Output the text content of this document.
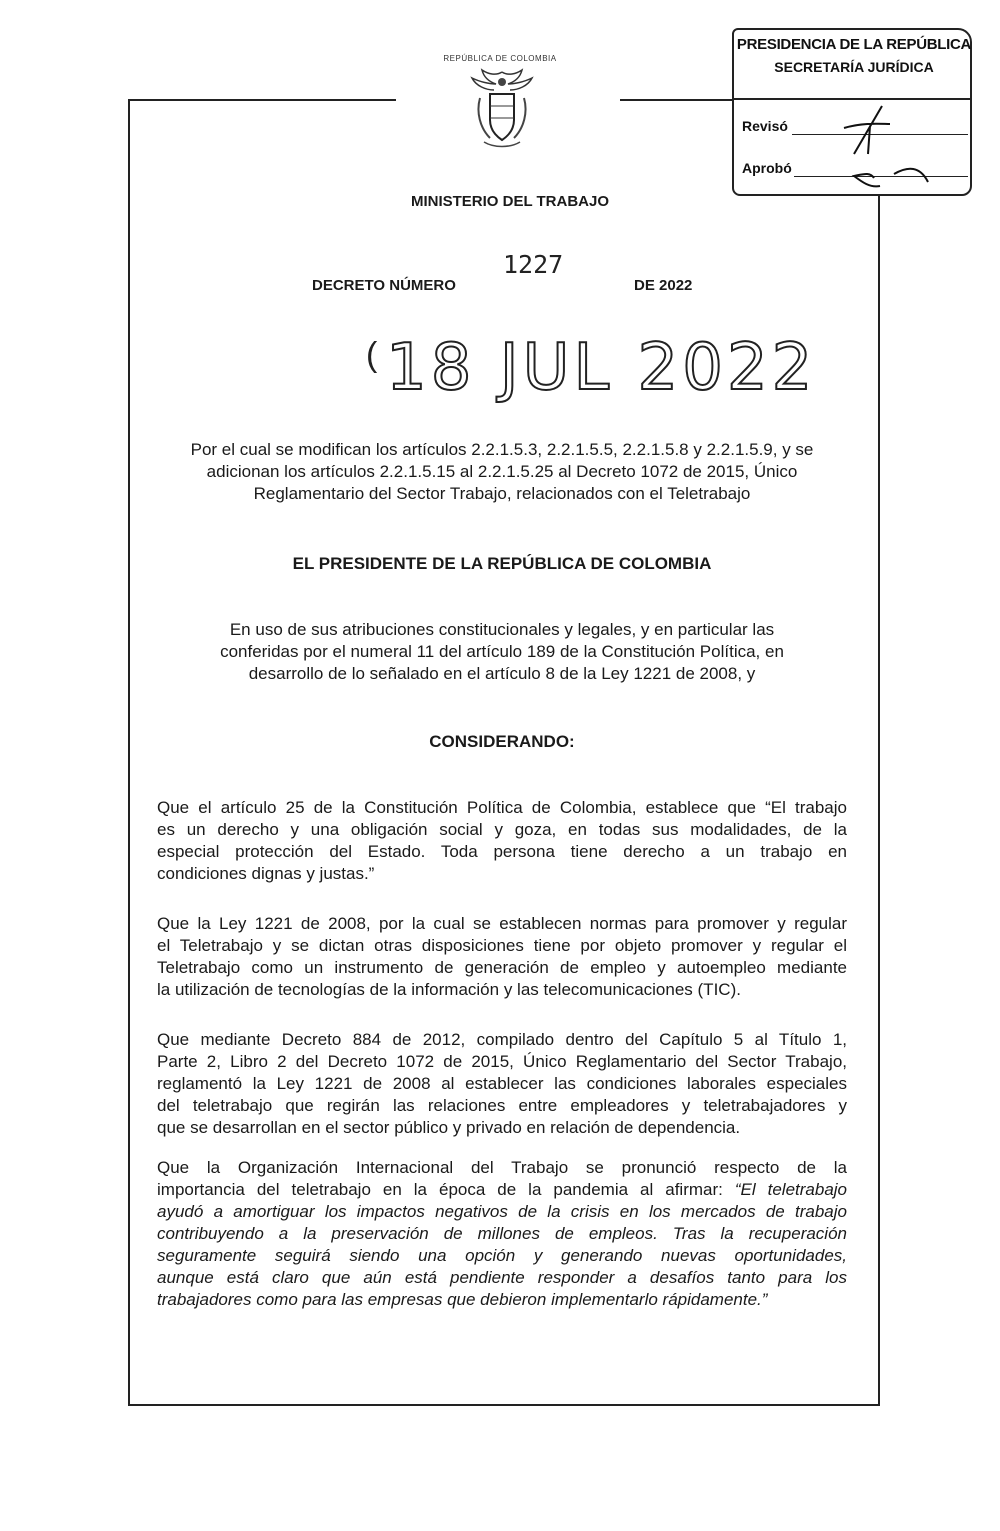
REPÚBLICA DE COLOMBIA
PRESIDENCIA DE LA REPÚBLICA
SECRETARÍA JURÍDICA
Revisó
Aprobó
MINISTERIO DEL TRABAJO
DECRETO NÚMERO
1227
DE 2022
( 18 JUL 2022
Por el cual se modifican los artículos 2.2.1.5.3, 2.2.1.5.5, 2.2.1.5.8 y 2.2.1.5.9, y se
adicionan los artículos 2.2.1.5.15 al 2.2.1.5.25 al Decreto 1072 de 2015, Único
Reglamentario del Sector Trabajo, relacionados con el Teletrabajo
EL PRESIDENTE DE LA REPÚBLICA DE COLOMBIA
En uso de sus atribuciones constitucionales y legales, y en particular las
conferidas por el numeral 11 del artículo 189 de la Constitución Política, en
desarrollo de lo señalado en el artículo 8 de la Ley 1221 de 2008, y
CONSIDERANDO:
Que el artículo 25 de la Constitución Política de Colombia, establece que “El trabajo
es un derecho y una obligación social y goza, en todas sus modalidades, de la
especial protección del Estado. Toda persona tiene derecho a un trabajo en
condiciones dignas y justas.”
Que la Ley 1221 de 2008, por la cual se establecen normas para promover y regular
el Teletrabajo y se dictan otras disposiciones tiene por objeto promover y regular el
Teletrabajo como un instrumento de generación de empleo y autoempleo mediante
la utilización de tecnologías de la información y las telecomunicaciones (TIC).
Que mediante Decreto 884 de 2012, compilado dentro del Capítulo 5 al Título 1,
Parte 2, Libro 2 del Decreto 1072 de 2015, Único Reglamentario del Sector Trabajo,
reglamentó la Ley 1221 de 2008 al establecer las condiciones laborales especiales
del teletrabajo que regirán las relaciones entre empleadores y teletrabajadores y
que se desarrollan en el sector público y privado en relación de dependencia.
Que la Organización Internacional del Trabajo se pronunció respecto de la
importancia del teletrabajo en la época de la pandemia al afirmar: “El teletrabajo
ayudó a amortiguar los impactos negativos de la crisis en los mercados de trabajo
contribuyendo a la preservación de millones de empleos. Tras la recuperación
seguramente seguirá siendo una opción y generando nuevas oportunidades,
aunque está claro que aún está pendiente responder a desafíos tanto para los
trabajadores como para las empresas que debieron implementarlo rápidamente.”
